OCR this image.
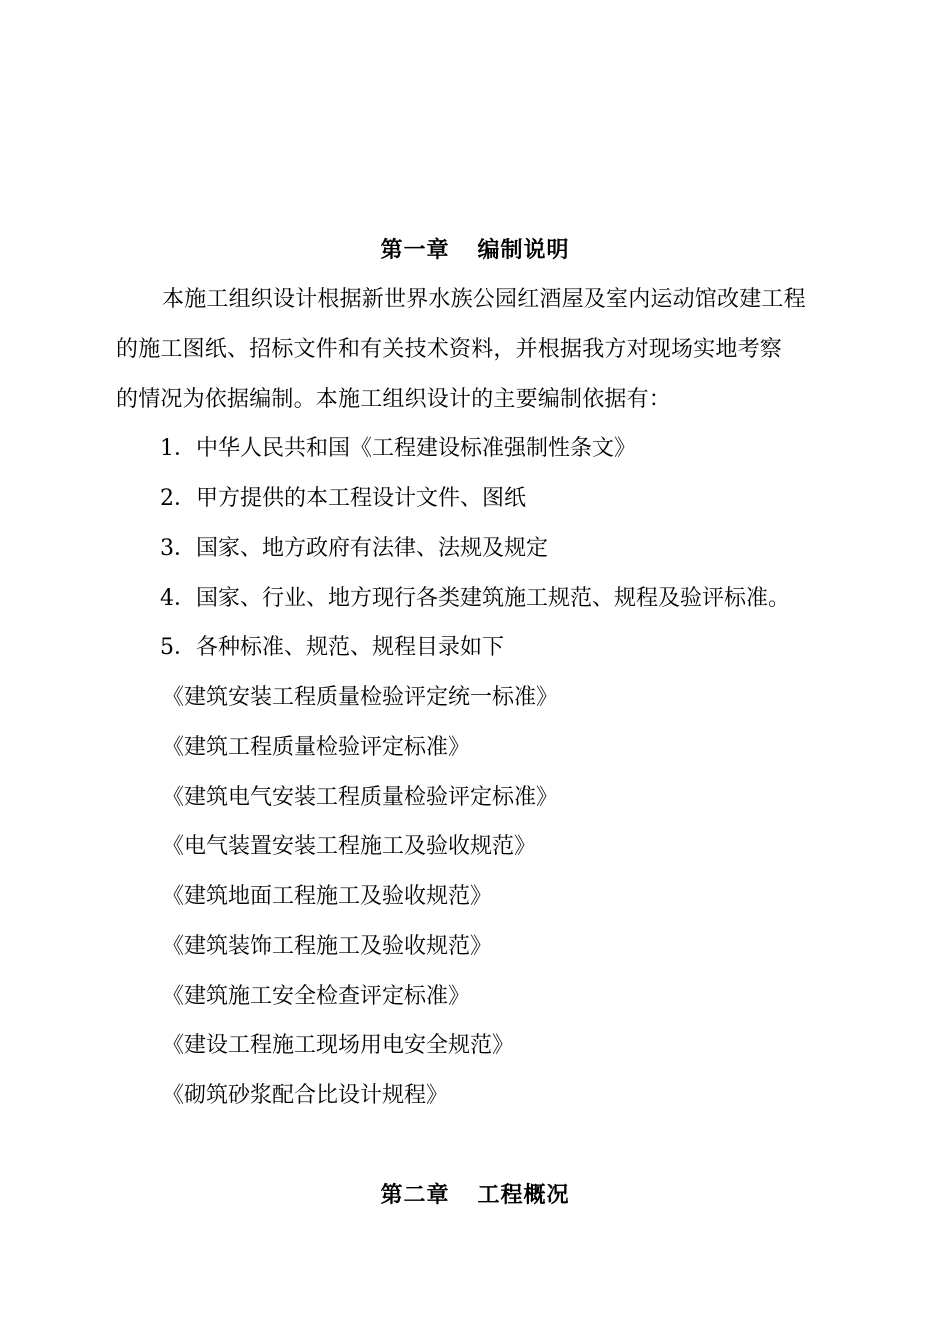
第一章 编制说明
本施工组织设计根据新世界水族公园红酒屋及室内运动馆改建工程
的施工图纸、招标文件和有关技术资料，并根据我方对现场实地考察
的情况为依据编制。本施工组织设计的主要编制依据有：
1．中华人民共和国《工程建设标准强制性条文》
2．甲方提供的本工程设计文件、图纸
3．国家、地方政府有法律、法规及规定
4．国家、行业、地方现行各类建筑施工规范、规程及验评标准。
5．各种标准、规范、规程目录如下
《建筑安装工程质量检验评定统一标准》
《建筑工程质量检验评定标准》
《建筑电气安装工程质量检验评定标准》
《电气装置安装工程施工及验收规范》
《建筑地面工程施工及验收规范》
《建筑装饰工程施工及验收规范》
《建筑施工安全检查评定标准》
《建设工程施工现场用电安全规范》
《砌筑砂浆配合比设计规程》
第二章 工程概况
